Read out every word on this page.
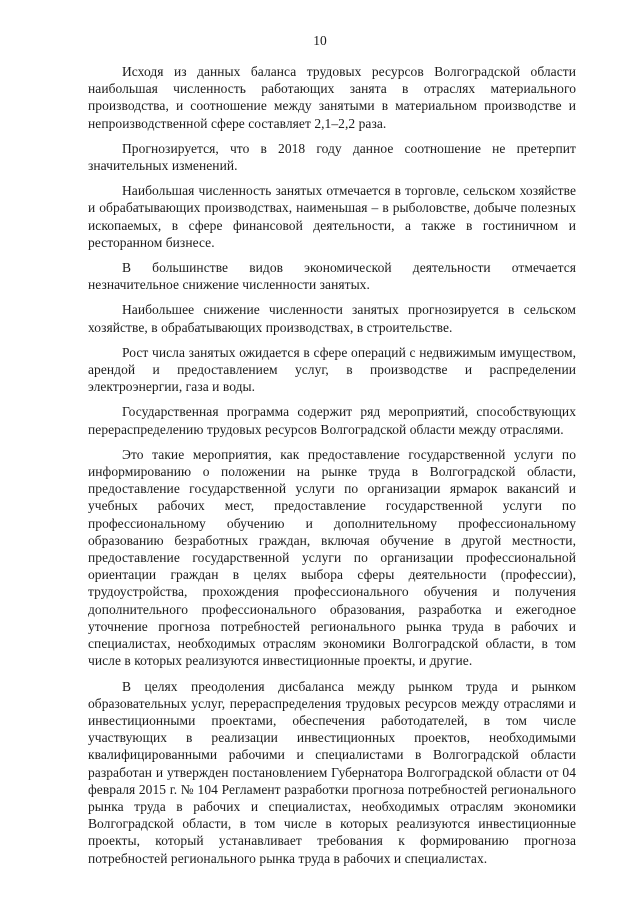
10

Исходя из данных баланса трудовых ресурсов Волгоградской области наибольшая численность работающих занята в отраслях материального производства, и соотношение между занятыми в материальном производстве и непроизводственной сфере составляет 2,1–2,2 раза.

Прогнозируется, что в 2018 году данное соотношение не претерпит значительных изменений.

Наибольшая численность занятых отмечается в торговле, сельском хозяйстве и обрабатывающих производствах, наименьшая – в рыболовстве, добыче полезных ископаемых, в сфере финансовой деятельности, а также в гостиничном и ресторанном бизнесе.

В большинстве видов экономической деятельности отмечается незначительное снижение численности занятых.

Наибольшее снижение численности занятых прогнозируется в сельском хозяйстве, в обрабатывающих производствах, в строительстве.

Рост числа занятых ожидается в сфере операций с недвижимым имуществом, арендой и предоставлением услуг, в производстве и распределении электроэнергии, газа и воды.

Государственная программа содержит ряд мероприятий, способствующих перераспределению трудовых ресурсов Волгоградской области между отраслями.

Это такие мероприятия, как предоставление государственной услуги по информированию о положении на рынке труда в Волгоградской области, предоставление государственной услуги по организации ярмарок вакансий и учебных рабочих мест, предоставление государственной услуги по профессиональному обучению и дополнительному профессиональному образованию безработных граждан, включая обучение в другой местности, предоставление государственной услуги по организации профессиональной ориентации граждан в целях выбора сферы деятельности (профессии), трудоустройства, прохождения профессионального обучения и получения дополнительного профессионального образования, разработка и ежегодное уточнение прогноза потребностей регионального рынка труда в рабочих и специалистах, необходимых отраслям экономики Волгоградской области, в том числе в которых реализуются инвестиционные проекты, и другие.

В целях преодоления дисбаланса между рынком труда и рынком образовательных услуг, перераспределения трудовых ресурсов между отраслями и инвестиционными проектами, обеспечения работодателей, в том числе участвующих в реализации инвестиционных проектов, необходимыми квалифицированными рабочими и специалистами в Волгоградской области разработан и утвержден постановлением Губернатора Волгоградской области от 04 февраля 2015 г. № 104 Регламент разработки прогноза потребностей регионального рынка труда в рабочих и специалистах, необходимых отраслям экономики Волгоградской области, в том числе в которых реализуются инвестиционные проекты, который устанавливает требования к формированию прогноза потребностей регионального рынка труда в рабочих и специалистах.
